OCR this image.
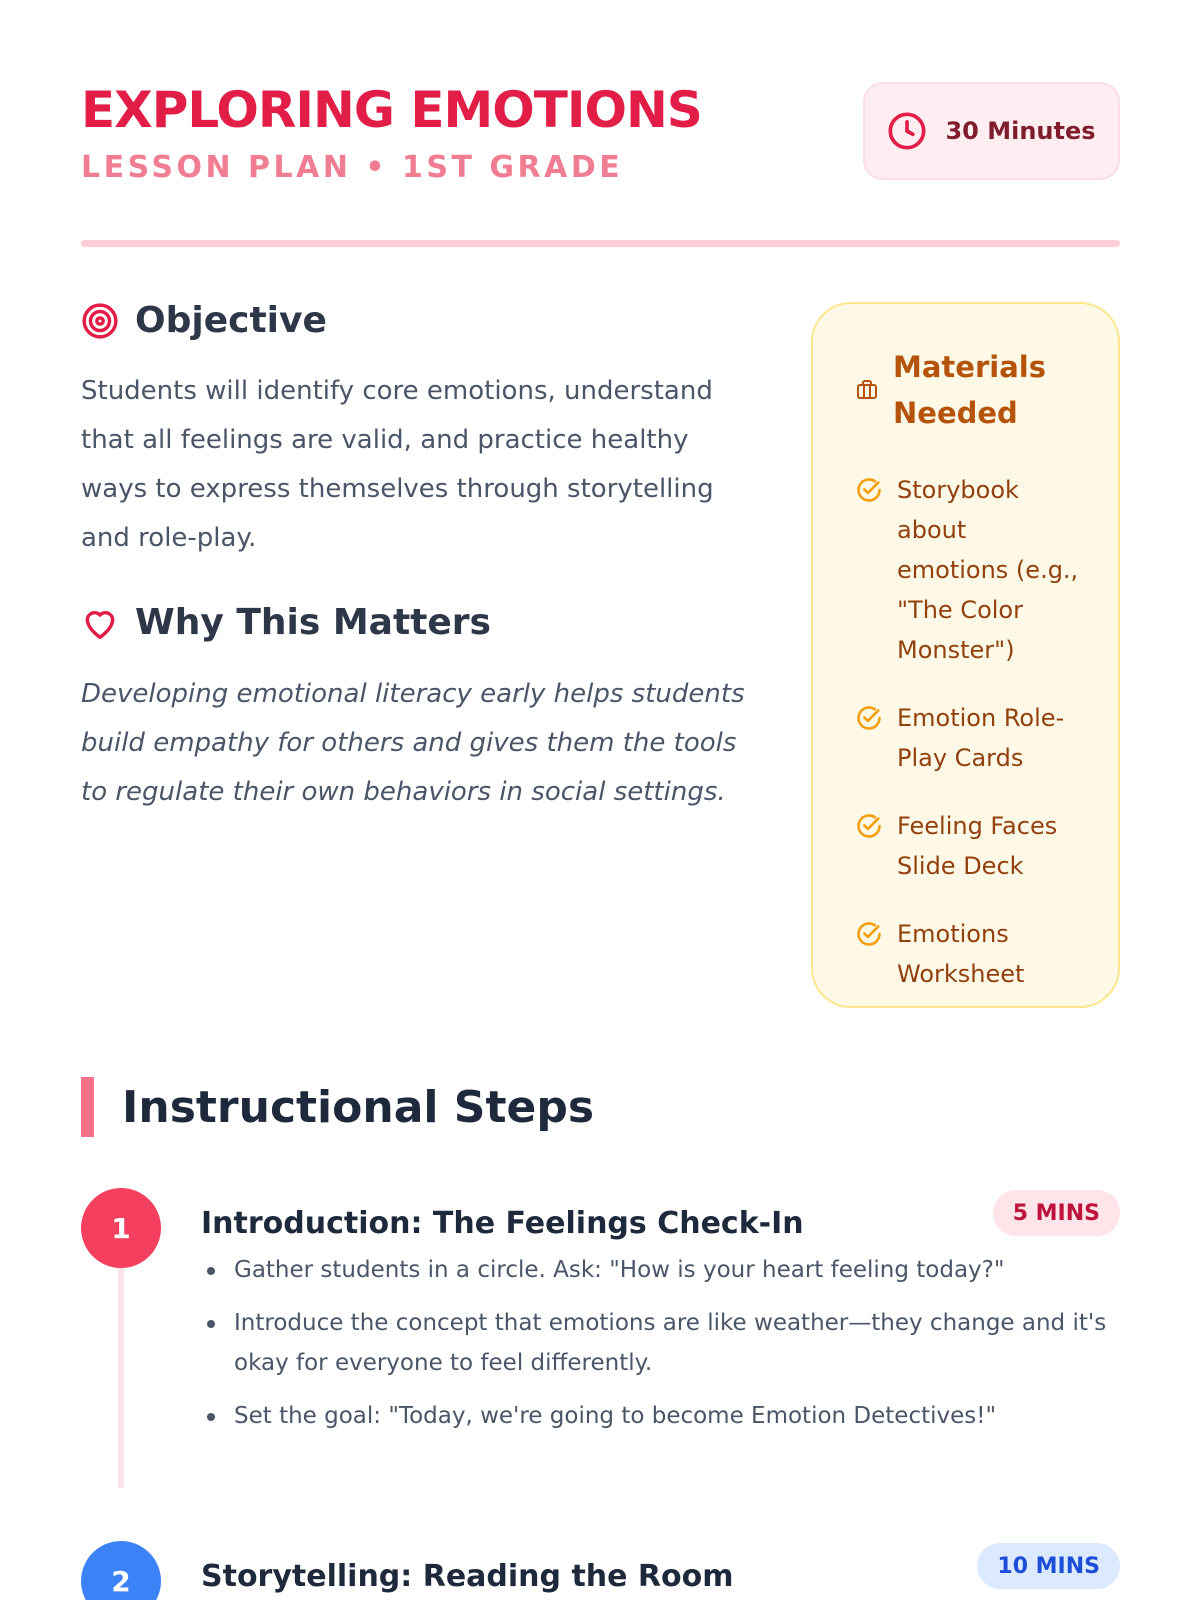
EXPLORING EMOTIONS
LESSON PLAN • 1ST GRADE
30 Minutes
Objective

Students will identify core emotions, understand that all feelings are valid, and practice healthy ways to express themselves through storytelling and role-play.

Why This Matters

Developing emotional literacy early helps students build empathy for others and gives them the tools to regulate their own behaviors in social settings.

Materials Needed
Storybook about emotions (e.g., "The Color Monster")
Emotion Role-Play Cards
Feeling Faces Slide Deck
Emotions Worksheet
Instructional Steps
1	Introduction: The Feelings Check-In	5 MINS
Gather students in a circle. Ask: "How is your heart feeling today?"
Introduce the concept that emotions are like weather—they change and it's okay for everyone to feel differently.
Set the goal: "Today, we're going to become Emotion Detectives!"
2	Storytelling: Reading the Room	10 MINS
